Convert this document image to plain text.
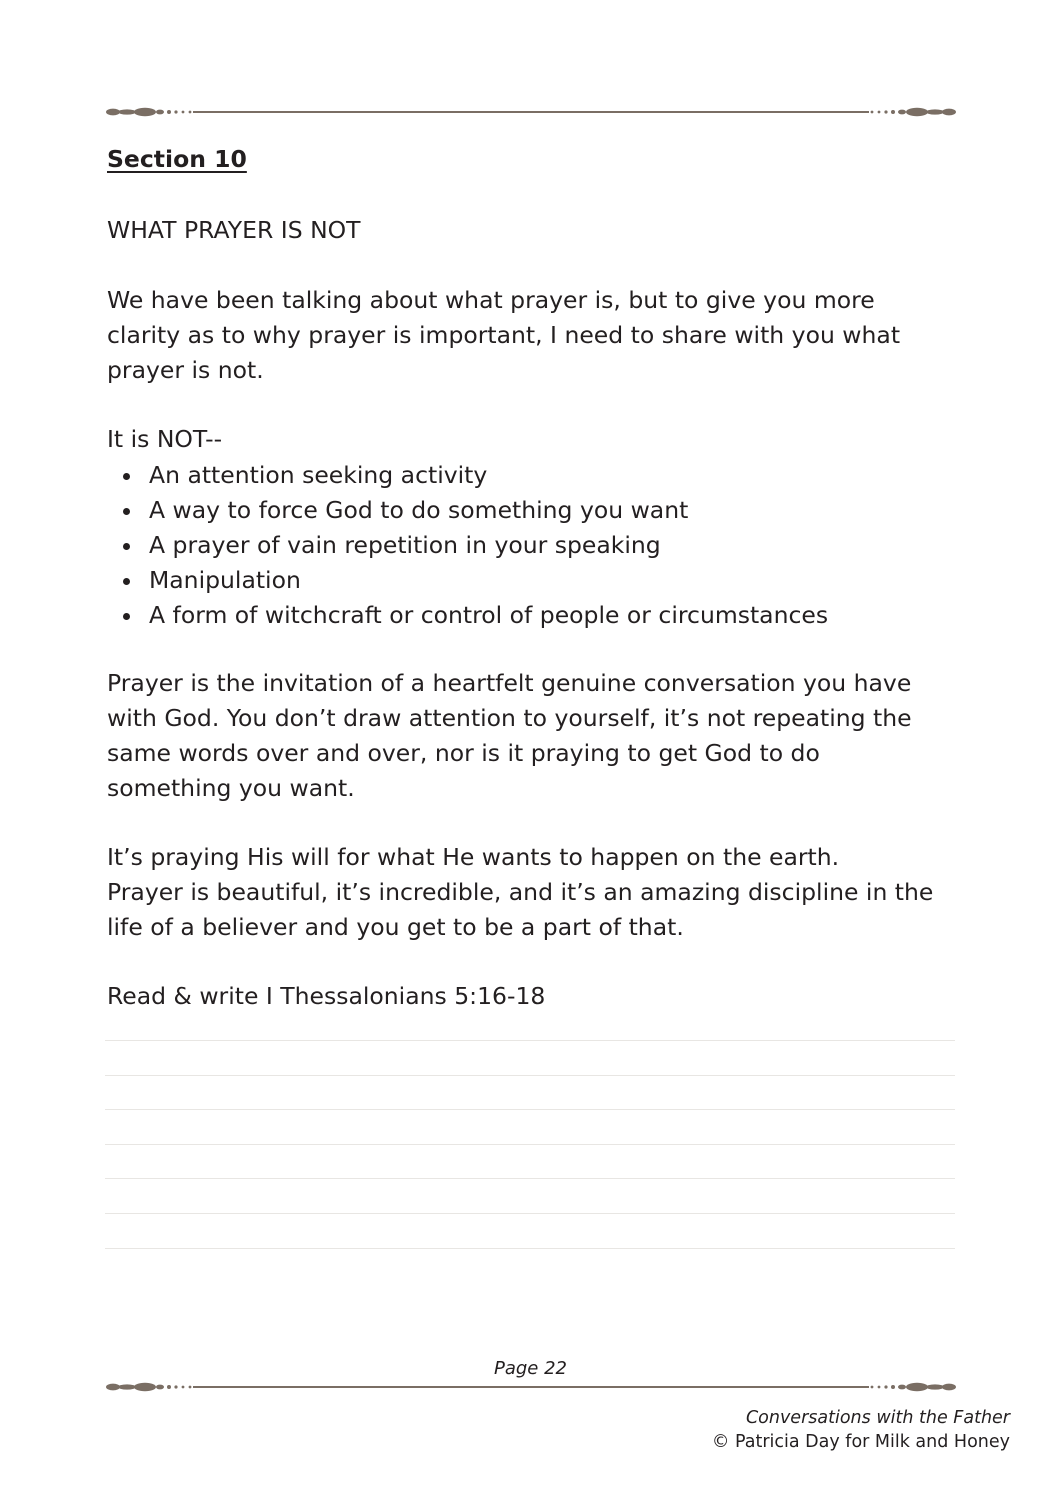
Section 10
WHAT PRAYER IS NOT

We have been talking about what prayer is, but to give you more

clarity as to why prayer is important, I need to share with you what

prayer is not.

It is NOT--
An attention seeking activity
A way to force God to do something you want
A prayer of vain repetition in your speaking
Manipulation
A form of witchcraft or control of people or circumstances

Prayer is the invitation of a heartfelt genuine conversation you have

with God. You don’t draw attention to yourself, it’s not repeating the

same words over and over, nor is it praying to get God to do

something you want.

It’s praying His will for what He wants to happen on the earth.

Prayer is beautiful, it’s incredible, and it’s an amazing discipline in the

life of a believer and you get to be a part of that.

Read & write I Thessalonians 5:16-18
Page 22
Conversations with the Father
© Patricia Day for Milk and Honey
